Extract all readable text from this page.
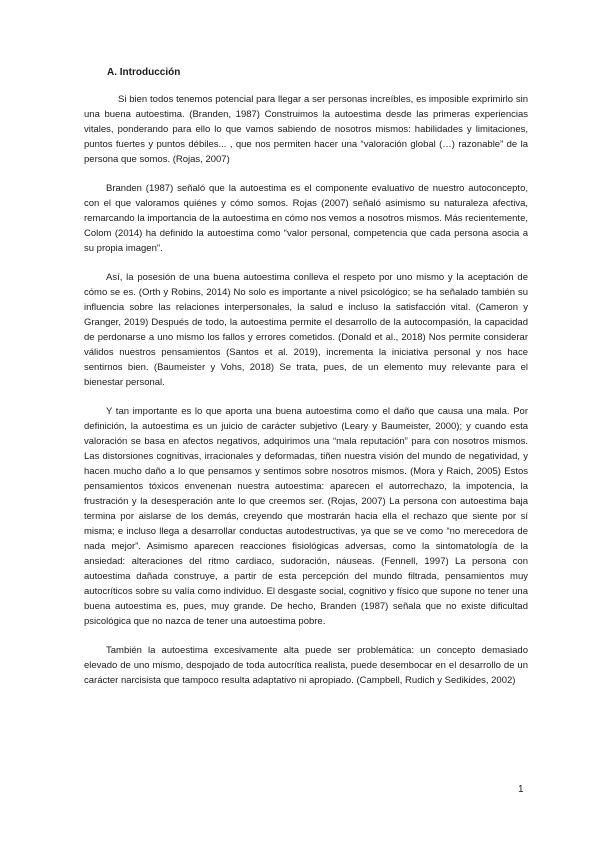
A. Introducción

Si bien todos tenemos potencial para llegar a ser personas increíbles, es imposible exprimirlo sin una buena autoestima. (Branden, 1987) Construimos la autoestima desde las primeras experiencias vitales, ponderando para ello lo que vamos sabiendo de nosotros mismos: habilidades y limitaciones, puntos fuertes y puntos débiles... , que nos permiten hacer una “valoración global (…) razonable” de la persona que somos. (Rojas, 2007)

Branden (1987) señaló que la autoestima es el componente evaluativo de nuestro autoconcepto, con el que valoramos quiénes y cómo somos. Rojas (2007) señaló asimismo su naturaleza afectiva, remarcando la importancia de la autoestima en cómo nos vemos a nosotros mismos. Más recientemente, Colom (2014) ha definido la autoestima como “valor personal, competencia que cada persona asocia a su propia imagen”.

Así, la posesión de una buena autoestima conlleva el respeto por uno mismo y la aceptación de cómo se es. (Orth y Robins, 2014) No solo es importante a nivel psicológico; se ha señalado también su influencia sobre las relaciones interpersonales, la salud e incluso la satisfacción vital. (Cameron y Granger, 2019) Después de todo, la autoestima permite el desarrollo de la autocompasión, la capacidad de perdonarse a uno mismo los fallos y errores cometidos. (Donald et al., 2018) Nos permite considerar válidos nuestros pensamientos (Santos et al. 2019), incrementa la iniciativa personal y nos hace sentirnos bien. (Baumeister y Vohs, 2018) Se trata, pues, de un elemento muy relevante para el bienestar personal.

Y tan importante es lo que aporta una buena autoestima como el daño que causa una mala. Por definición, la autoestima es un juicio de carácter subjetivo (Leary y Baumeister, 2000); y cuando esta valoración se basa en afectos negativos, adquirimos una “mala reputación” para con nosotros mismos. Las distorsiones cognitivas, irracionales y deformadas, tiñen nuestra visión del mundo de negatividad, y hacen mucho daño a lo que pensamos y sentimos sobre nosotros mismos. (Mora y Raich, 2005) Estos pensamientos tóxicos envenenan nuestra autoestima: aparecen el autorrechazo, la impotencia, la frustración y la desesperación ante lo que creemos ser. (Rojas, 2007) La persona con autoestima baja termina por aislarse de los demás, creyendo que mostrarán hacia ella el rechazo que siente por sí misma; e incluso llega a desarrollar conductas autodestructivas, ya que se ve como “no merecedora de nada mejor”. Asimismo aparecen reacciones fisiológicas adversas, como la sintomatología de la ansiedad: alteraciones del ritmo cardiaco, sudoración, náuseas. (Fennell, 1997) La persona con autoestima dañada construye, a partir de esta percepción del mundo filtrada, pensamientos muy autocríticos sobre su valía como individuo. El desgaste social, cognitivo y físico que supone no tener una buena autoestima es, pues, muy grande. De hecho, Branden (1987) señala que no existe dificultad psicológica que no nazca de tener una autoestima pobre.

También la autoestima excesivamente alta puede ser problemática: un concepto demasiado elevado de uno mismo, despojado de toda autocrítica realista, puede desembocar en el desarrollo de un carácter narcisista que tampoco resulta adaptativo ni apropiado. (Campbell, Rudich y Sedikides, 2002)

1
